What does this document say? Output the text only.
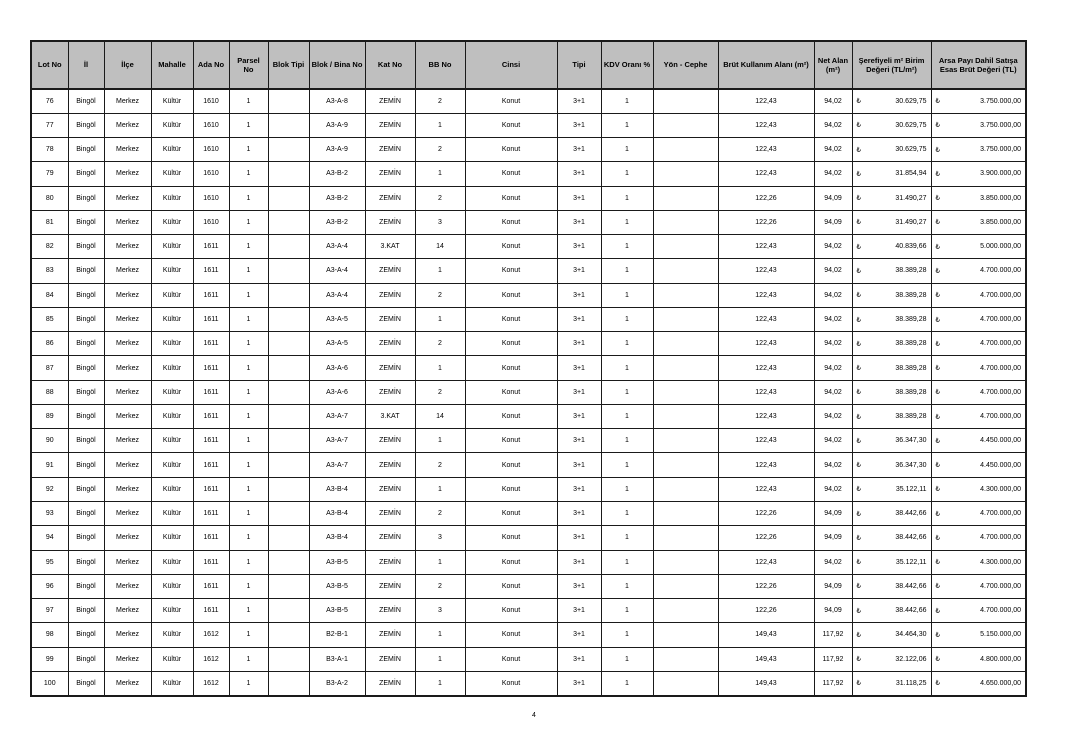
Lot No	İl	İlçe	Mahalle	Ada No	Parsel No	Blok Tipi	Blok / Bina No	Kat No	BB No	Cinsi	Tipi	KDV Oranı %	Yön - Cephe	Brüt Kullanım Alanı (m²)	Net Alan (m²)	Şerefiyeli m² Birim Değeri (TL/m²)	Arsa Payı Dahil Satışa Esas Brüt Değeri (TL)
76	Bingöl	Merkez	Kültür	1610	1		A3-A-8	ZEMİN	2	Konut	3+1	1		122,43	94,02	₺ 30.629,75	₺ 3.750.000,00

77	Bingöl	Merkez	Kültür	1610	1		A3-A-9	ZEMİN	1	Konut	3+1	1		122,43	94,02	₺ 30.629,75	₺ 3.750.000,00

78	Bingöl	Merkez	Kültür	1610	1		A3-A-9	ZEMİN	2	Konut	3+1	1		122,43	94,02	₺ 30.629,75	₺ 3.750.000,00

79	Bingöl	Merkez	Kültür	1610	1		A3-B-2	ZEMİN	1	Konut	3+1	1		122,43	94,02	₺ 31.854,94	₺ 3.900.000,00

80	Bingöl	Merkez	Kültür	1610	1		A3-B-2	ZEMİN	2	Konut	3+1	1		122,26	94,09	₺ 31.490,27	₺ 3.850.000,00

81	Bingöl	Merkez	Kültür	1610	1		A3-B-2	ZEMİN	3	Konut	3+1	1		122,26	94,09	₺ 31.490,27	₺ 3.850.000,00

82	Bingöl	Merkez	Kültür	1611	1		A3-A-4	3.KAT	14	Konut	3+1	1		122,43	94,02	₺ 40.839,66	₺ 5.000.000,00

83	Bingöl	Merkez	Kültür	1611	1		A3-A-4	ZEMİN	1	Konut	3+1	1		122,43	94,02	₺ 38.389,28	₺ 4.700.000,00

84	Bingöl	Merkez	Kültür	1611	1		A3-A-4	ZEMİN	2	Konut	3+1	1		122,43	94,02	₺ 38.389,28	₺ 4.700.000,00

85	Bingöl	Merkez	Kültür	1611	1		A3-A-5	ZEMİN	1	Konut	3+1	1		122,43	94,02	₺ 38.389,28	₺ 4.700.000,00

86	Bingöl	Merkez	Kültür	1611	1		A3-A-5	ZEMİN	2	Konut	3+1	1		122,43	94,02	₺ 38.389,28	₺ 4.700.000,00

87	Bingöl	Merkez	Kültür	1611	1		A3-A-6	ZEMİN	1	Konut	3+1	1		122,43	94,02	₺ 38.389,28	₺ 4.700.000,00

88	Bingöl	Merkez	Kültür	1611	1		A3-A-6	ZEMİN	2	Konut	3+1	1		122,43	94,02	₺ 38.389,28	₺ 4.700.000,00

89	Bingöl	Merkez	Kültür	1611	1		A3-A-7	3.KAT	14	Konut	3+1	1		122,43	94,02	₺ 38.389,28	₺ 4.700.000,00

90	Bingöl	Merkez	Kültür	1611	1		A3-A-7	ZEMİN	1	Konut	3+1	1		122,43	94,02	₺ 36.347,30	₺ 4.450.000,00

91	Bingöl	Merkez	Kültür	1611	1		A3-A-7	ZEMİN	2	Konut	3+1	1		122,43	94,02	₺ 36.347,30	₺ 4.450.000,00

92	Bingöl	Merkez	Kültür	1611	1		A3-B-4	ZEMİN	1	Konut	3+1	1		122,43	94,02	₺ 35.122,11	₺ 4.300.000,00

93	Bingöl	Merkez	Kültür	1611	1		A3-B-4	ZEMİN	2	Konut	3+1	1		122,26	94,09	₺ 38.442,66	₺ 4.700.000,00

94	Bingöl	Merkez	Kültür	1611	1		A3-B-4	ZEMİN	3	Konut	3+1	1		122,26	94,09	₺ 38.442,66	₺ 4.700.000,00

95	Bingöl	Merkez	Kültür	1611	1		A3-B-5	ZEMİN	1	Konut	3+1	1		122,43	94,02	₺ 35.122,11	₺ 4.300.000,00

96	Bingöl	Merkez	Kültür	1611	1		A3-B-5	ZEMİN	2	Konut	3+1	1		122,26	94,09	₺ 38.442,66	₺ 4.700.000,00

97	Bingöl	Merkez	Kültür	1611	1		A3-B-5	ZEMİN	3	Konut	3+1	1		122,26	94,09	₺ 38.442,66	₺ 4.700.000,00

98	Bingöl	Merkez	Kültür	1612	1		B2-B-1	ZEMİN	1	Konut	3+1	1		149,43	117,92	₺ 34.464,30	₺ 5.150.000,00

99	Bingöl	Merkez	Kültür	1612	1		B3-A-1	ZEMİN	1	Konut	3+1	1		149,43	117,92	₺ 32.122,06	₺ 4.800.000,00

100	Bingöl	Merkez	Kültür	1612	1		B3-A-2	ZEMİN	1	Konut	3+1	1		149,43	117,92	₺ 31.118,25	₺ 4.650.000,00
4
